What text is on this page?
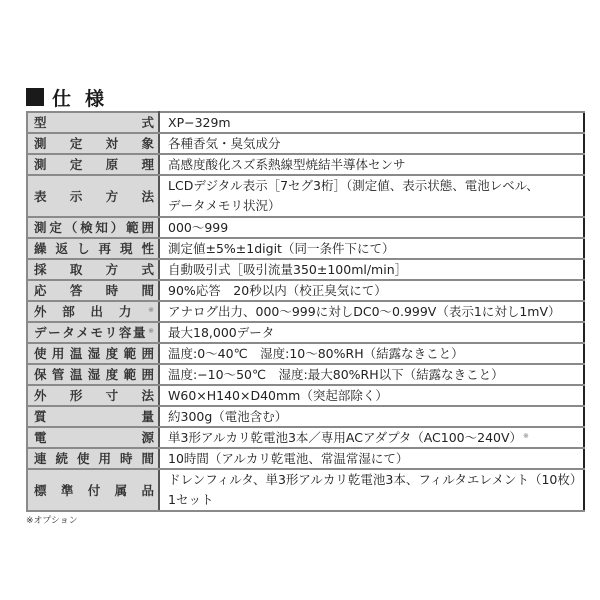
仕様
型式	XP−329m
測定対象	各種香気・臭気成分
測定原理	高感度酸化スズ系熱線型焼結半導体センサ
表示方法	LCDデジタル表示［7セグ3桁］（測定値、表示状態、電池レベル、
データメモリ状況）

測定（検知）範囲	000〜999
繰返し再現性	測定値±5%±1digit（同一条件下にて）
採取方式	自動吸引式［吸引流量350±100ml/min］
応答時間	90%応答　20秒以内（校正臭気にて）
外部出力※	アナログ出力、000〜999に対しDC0〜0.999V（表示1に対し1mV）
データメモリ容量※	最大18,000データ
使用温湿度範囲	温度:0〜40℃　湿度:10〜80%RH（結露なきこと）
保管温湿度範囲	温度:−10〜50℃　湿度:最大80%RH以下（結露なきこと）
外形寸法	W60×H140×D40mm（突起部除く）
質量	約300g（電池含む）
電源	単3形アルカリ乾電池3本／専用ACアダプタ（AC100〜240V）※
連続使用時間	10時間（アルカリ乾電池、常温常湿にて）
標準付属品	ドレンフィルタ、単3形アルカリ乾電池3本、フィルタエレメント（10枚）
1セット
※オプション
